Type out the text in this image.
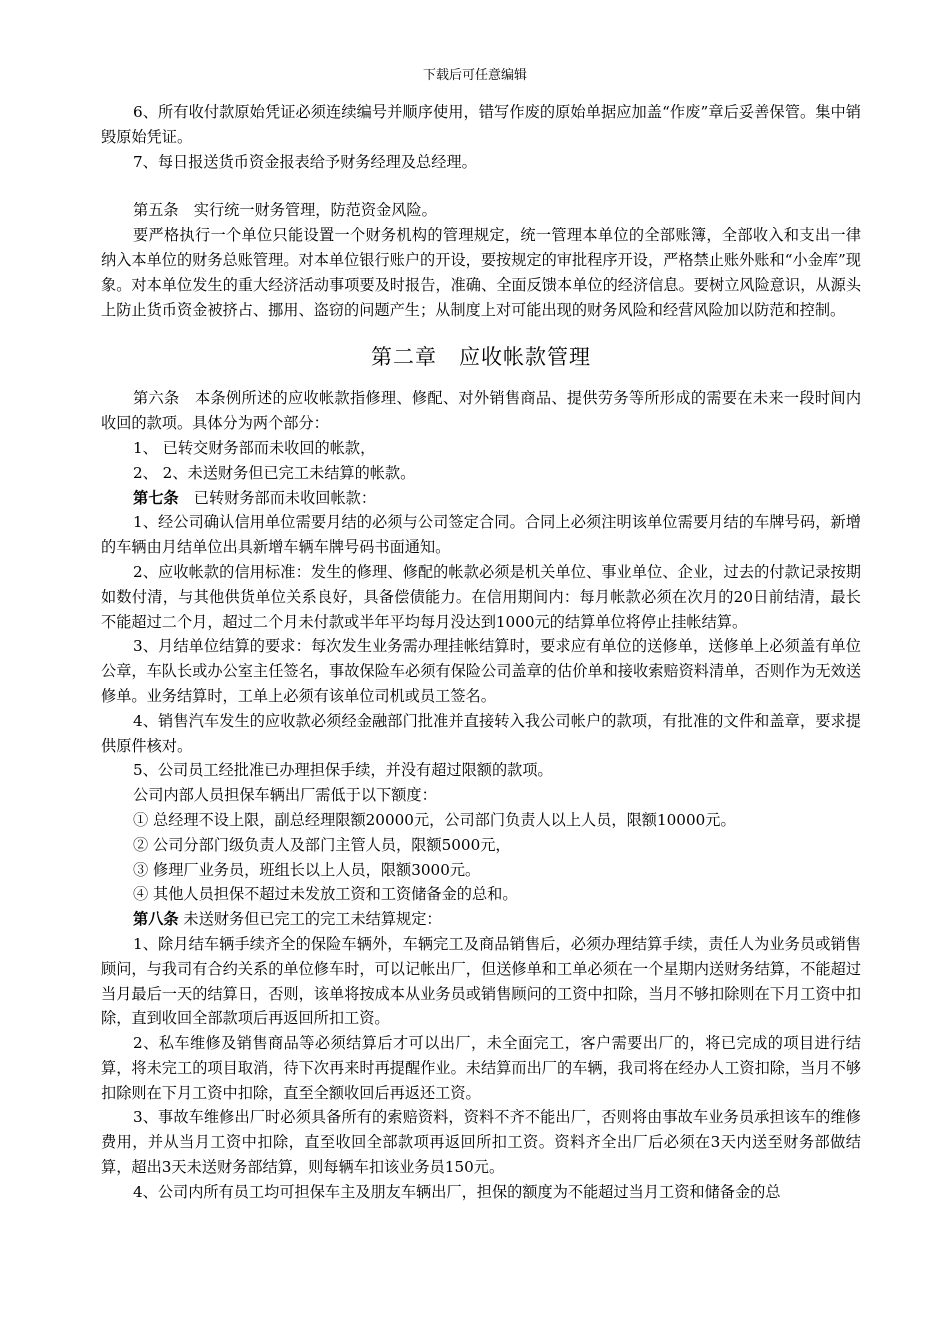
下载后可任意编辑

6、所有收付款原始凭证必须连续编号并顺序使用，错写作废的原始单据应加盖“作废”章后妥善保管。集中销毁原始凭证。

7、每日报送货币资金报表给予财务经理及总经理。

第五条　实行统一财务管理，防范资金风险。

要严格执行一个单位只能设置一个财务机构的管理规定，统一管理本单位的全部账簿，全部收入和支出一律纳入本单位的财务总账管理。对本单位银行账户的开设，要按规定的审批程序开设，严格禁止账外账和“小金库”现象。对本单位发生的重大经济活动事项要及时报告，准确、全面反馈本单位的经济信息。要树立风险意识，从源头上防止货币资金被挤占、挪用、盗窃的问题产生；从制度上对可能出现的财务风险和经营风险加以防范和控制。

第二章　应收帐款管理

第六条　本条例所述的应收帐款指修理、修配、对外销售商品、提供劳务等所形成的需要在未来一段时间内收回的款项。具体分为两个部分：

1、 已转交财务部而未收回的帐款，

2、 2、未送财务但已完工未结算的帐款。

第七条　已转财务部而未收回帐款：

1、经公司确认信用单位需要月结的必须与公司签定合同。合同上必须注明该单位需要月结的车牌号码，新增的车辆由月结单位出具新增车辆车牌号码书面通知。

2、应收帐款的信用标准：发生的修理、修配的帐款必须是机关单位、事业单位、企业，过去的付款记录按期如数付清，与其他供货单位关系良好，具备偿债能力。在信用期间内：每月帐款必须在次月的20日前结清，最长不能超过二个月，超过二个月未付款或半年平均每月没达到1000元的结算单位将停止挂帐结算。

3、月结单位结算的要求：每次发生业务需办理挂帐结算时，要求应有单位的送修单，送修单上必须盖有单位公章，车队长或办公室主任签名，事故保险车必须有保险公司盖章的估价单和接收索赔资料清单，否则作为无效送修单。业务结算时，工单上必须有该单位司机或员工签名。

4、销售汽车发生的应收款必须经金融部门批准并直接转入我公司帐户的款项，有批准的文件和盖章，要求提供原件核对。

5、公司员工经批准已办理担保手续，并没有超过限额的款项。

公司内部人员担保车辆出厂需低于以下额度：

① 总经理不设上限，副总经理限额20000元，公司部门负责人以上人员，限额10000元。

② 公司分部门级负责人及部门主管人员，限额5000元，

③ 修理厂业务员，班组长以上人员，限额3000元。

④ 其他人员担保不超过未发放工资和工资储备金的总和。

第八条 未送财务但已完工的完工未结算规定：

1、除月结车辆手续齐全的保险车辆外，车辆完工及商品销售后，必须办理结算手续，责任人为业务员或销售顾问，与我司有合约关系的单位修车时，可以记帐出厂，但送修单和工单必须在一个星期内送财务结算，不能超过当月最后一天的结算日，否则，该单将按成本从业务员或销售顾问的工资中扣除，当月不够扣除则在下月工资中扣除，直到收回全部款项后再返回所扣工资。

2、私车维修及销售商品等必须结算后才可以出厂，未全面完工，客户需要出厂的，将已完成的项目进行结算，将未完工的项目取消，待下次再来时再提醒作业。未结算而出厂的车辆，我司将在经办人工资扣除，当月不够扣除则在下月工资中扣除，直至全额收回后再返还工资。

3、事故车维修出厂时必须具备所有的索赔资料，资料不齐不能出厂，否则将由事故车业务员承担该车的维修费用，并从当月工资中扣除，直至收回全部款项再返回所扣工资。资料齐全出厂后必须在3天内送至财务部做结算，超出3天未送财务部结算，则每辆车扣该业务员150元。

4、公司内所有员工均可担保车主及朋友车辆出厂，担保的额度为不能超过当月工资和储备金的总
